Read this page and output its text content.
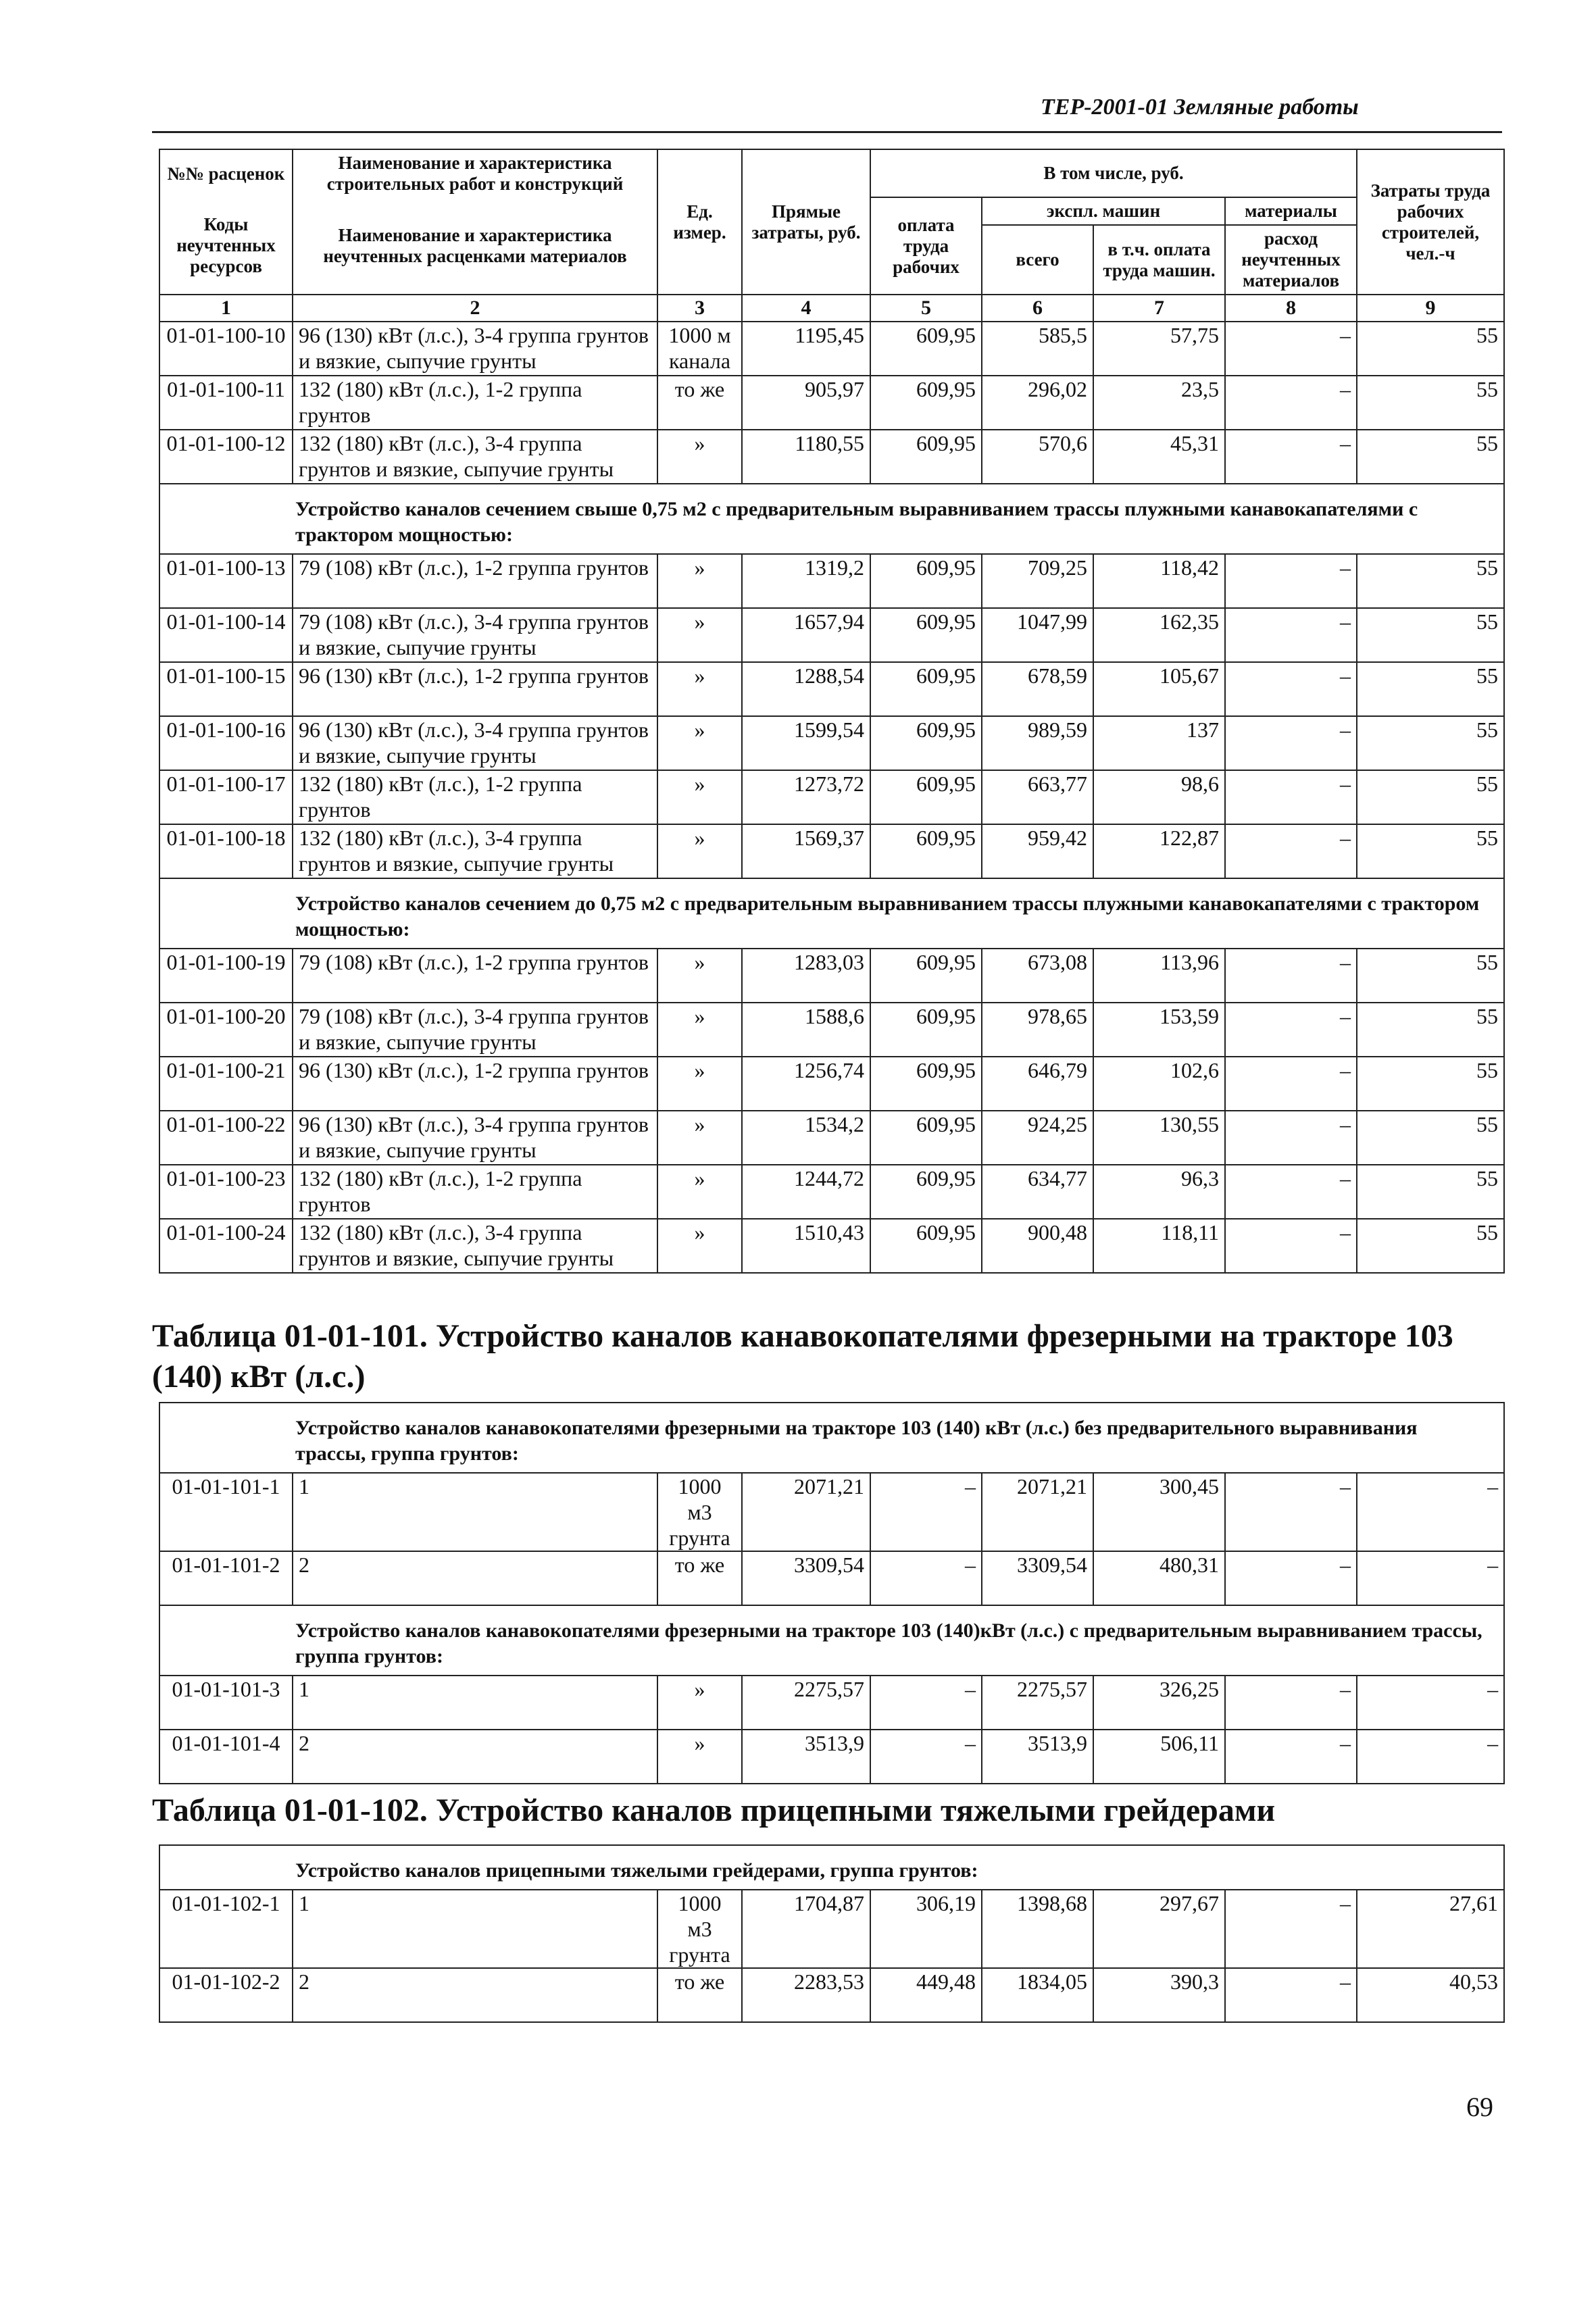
ТЕР-2001-01 Земляные работы
№№ расценок	Наименование и характеристика строительных работ и конструкций	Ед. измер.	Прямые затраты, руб.	В том числе, руб.				Затраты труда рабочих строителей, чел.-ч
Коды неучтенных ресурсов	Наименование и характеристика неучтенных расценками материалов			оплата труда рабочих	экспл. машин		материалы	
					всего	в т.ч. оплата труда машин.	расход неучтенных материалов	
1	2	3	4	5	6	7	8	9
01-01-100-10	96 (130) кВт (л.с.), 3-4 группа грунтов и вязкие, сыпучие грунты	1000 м канала	1195,45	609,95	585,5	57,75	–	55
01-01-100-11	132 (180) кВт (л.с.), 1-2 группа грунтов	то же	905,97	609,95	296,02	23,5	–	55
01-01-100-12	132 (180) кВт (л.с.), 3-4 группа грунтов и вязкие, сыпучие грунты	»	1180,55	609,95	570,6	45,31	–	55
Устройство каналов сечением свыше 0,75 м2 с предварительным выравниванием трассы плужными канавокапателями с трактором мощностью:								
01-01-100-13	79 (108) кВт (л.с.), 1-2 группа грунтов	»	1319,2	609,95	709,25	118,42	–	55
01-01-100-14	79 (108) кВт (л.с.), 3-4 группа грунтов и вязкие, сыпучие грунты	»	1657,94	609,95	1047,99	162,35	–	55
01-01-100-15	96 (130) кВт (л.с.), 1-2 группа грунтов	»	1288,54	609,95	678,59	105,67	–	55
01-01-100-16	96 (130) кВт (л.с.), 3-4 группа грунтов и вязкие, сыпучие грунты	»	1599,54	609,95	989,59	137	–	55
01-01-100-17	132 (180) кВт (л.с.), 1-2 группа грунтов	»	1273,72	609,95	663,77	98,6	–	55
01-01-100-18	132 (180) кВт (л.с.), 3-4 группа грунтов и вязкие, сыпучие грунты	»	1569,37	609,95	959,42	122,87	–	55
Устройство каналов сечением до 0,75 м2 с предварительным выравниванием трассы плужными канавокапателями с трактором мощностью:								
01-01-100-19	79 (108) кВт (л.с.), 1-2 группа грунтов	»	1283,03	609,95	673,08	113,96	–	55
01-01-100-20	79 (108) кВт (л.с.), 3-4 группа грунтов и вязкие, сыпучие грунты	»	1588,6	609,95	978,65	153,59	–	55
01-01-100-21	96 (130) кВт (л.с.), 1-2 группа грунтов	»	1256,74	609,95	646,79	102,6	–	55
01-01-100-22	96 (130) кВт (л.с.), 3-4 группа грунтов и вязкие, сыпучие грунты	»	1534,2	609,95	924,25	130,55	–	55
01-01-100-23	132 (180) кВт (л.с.), 1-2 группа грунтов	»	1244,72	609,95	634,77	96,3	–	55
01-01-100-24	132 (180) кВт (л.с.), 3-4 группа грунтов и вязкие, сыпучие грунты	»	1510,43	609,95	900,48	118,11	–	55
Таблица 01-01-101. Устройство каналов канавокопателями фрезерными на тракторе 103 (140) кВт (л.с.)
Устройство каналов канавокопателями фрезерными на тракторе 103 (140) кВт (л.с.) без предварительного выравнивания трассы, группа грунтов:								
01-01-101-1	1	1000 м3 грунта	2071,21	–	2071,21	300,45	–	–
01-01-101-2	2	то же	3309,54	–	3309,54	480,31	–	–
Устройство каналов канавокопателями фрезерными на тракторе 103 (140)кВт (л.с.) с предварительным выравниванием трассы, группа грунтов:								
01-01-101-3	1	»	2275,57	–	2275,57	326,25	–	–
01-01-101-4	2	»	3513,9	–	3513,9	506,11	–	–
Таблица 01-01-102. Устройство каналов прицепными тяжелыми грейдерами
Устройство каналов прицепными тяжелыми грейдерами, группа грунтов:								
01-01-102-1	1	1000 м3 грунта	1704,87	306,19	1398,68	297,67	–	27,61
01-01-102-2	2	то же	2283,53	449,48	1834,05	390,3	–	40,53
69
